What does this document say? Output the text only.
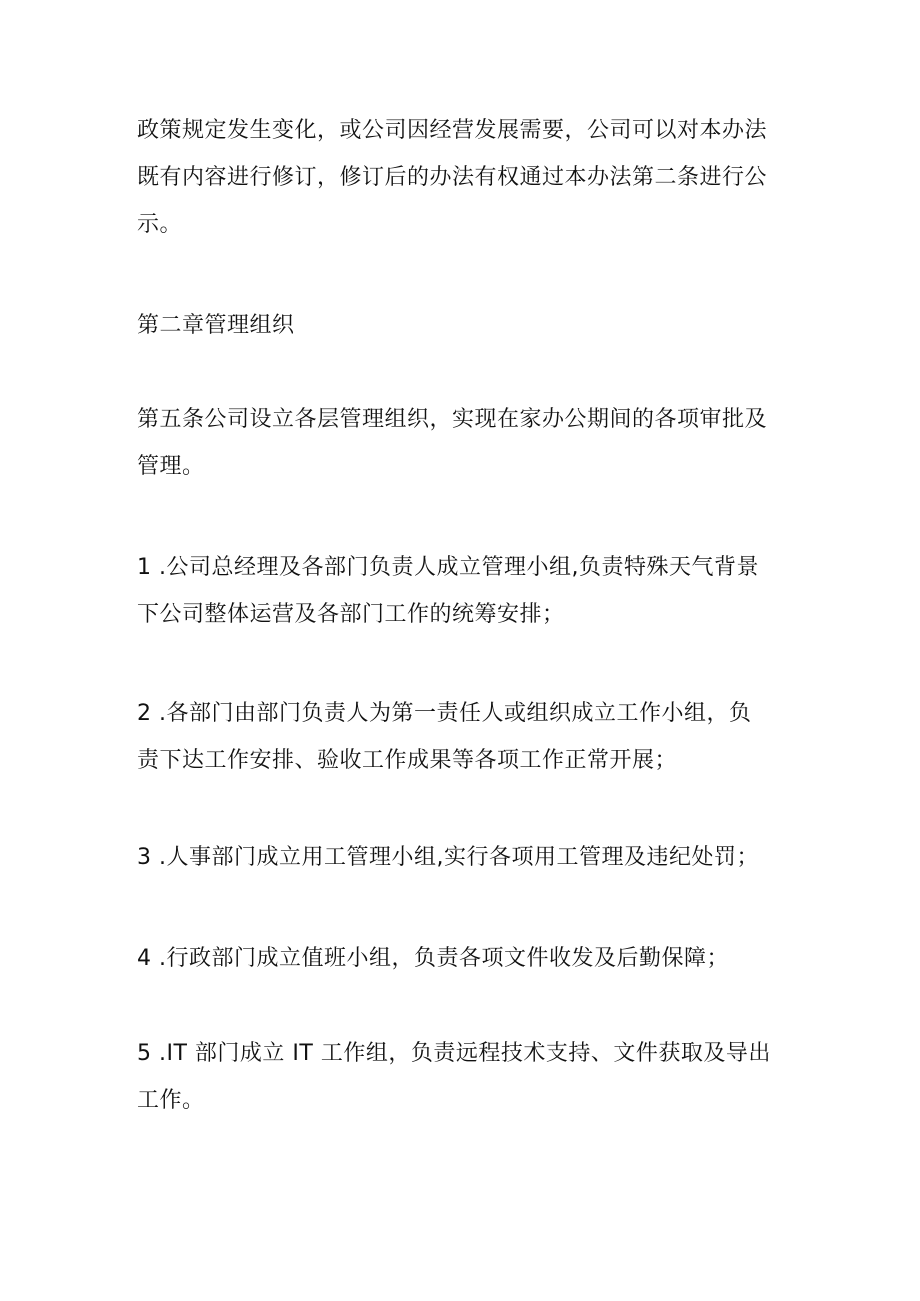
政策规定发生变化，或公司因经营发展需要，公司可以对本办法
既有内容进行修订，修订后的办法有权通过本办法第二条进行公
示。

第二章管理组织

第五条公司设立各层管理组织，实现在家办公期间的各项审批及
管理。

1 .公司总经理及各部门负责人成立管理小组,负责特殊天气背景
下公司整体运营及各部门工作的统筹安排；

2 .各部门由部门负责人为第一责任人或组织成立工作小组，负
责下达工作安排、验收工作成果等各项工作正常开展；

3 .人事部门成立用工管理小组,实行各项用工管理及违纪处罚；

4 .行政部门成立值班小组，负责各项文件收发及后勤保障；

5 .IT 部门成立 IT 工作组，负责远程技术支持、文件获取及导出
工作。
